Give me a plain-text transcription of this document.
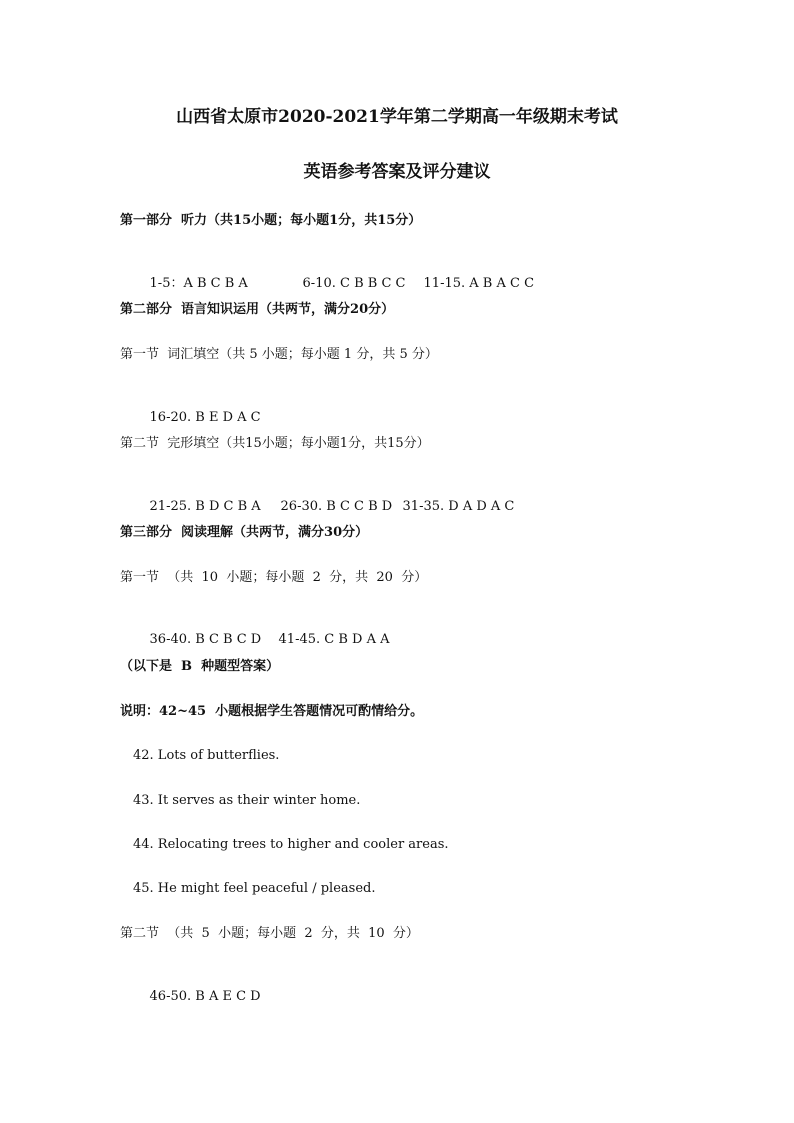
山西省太原市2020-2021学年第二学期高一年级期末考试
英语参考答案及评分建议
第一部分  听力（共15小题；每小题1分，共15分）

1-5：A B C B A	6-10. C B B C C 11-15. A B A C C

第二部分  语言知识运用（共两节，满分20分）
第一节  词汇填空（共 5 小题；每小题 1 分，共 5 分）

16-20. B E D A C

第二节  完形填空（共15小题；每小题1分，共15分）

21-25. B D C B A 26-30. B C C B D 31-35. D A D A C

第三部分  阅读理解（共两节，满分30分）
第一节  （共  10  小题；每小题  2  分，共  20  分）

36-40. B C B C D 41-45. C B D A A

（以下是  B  种题型答案）
说明：42~45  小题根据学生答题情况可酌情给分。
42. Lots of butterflies.
43. It serves as their winter home.
44. Relocating trees to higher and cooler areas.
45. He might feel peaceful / pleased.
第二节  （共  5  小题；每小题  2  分，共  10  分）

46-50. B A E C D
